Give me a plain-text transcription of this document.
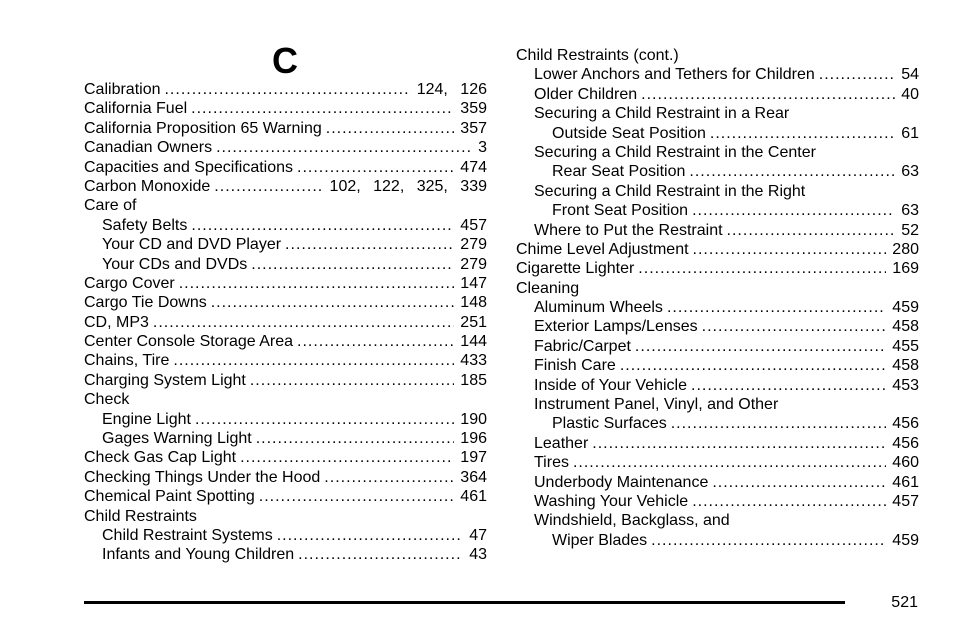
C
Calibration .....	124, 126
California Fuel .....	359
California Proposition 65 Warning .....	357
Canadian Owners .....	3
Capacities and Specifications .....	474
Carbon Monoxide .....	102, 122, 325, 339
Care of
Safety Belts .....	457
Your CD and DVD Player .....	279
Your CDs and DVDs .....	279
Cargo Cover .....	147
Cargo Tie Downs .....	148
CD, MP3 .....	251
Center Console Storage Area .....	144
Chains, Tire .....	433
Charging System Light .....	185
Check
Engine Light .....	190
Gages Warning Light .....	196
Check Gas Cap Light .....	197
Checking Things Under the Hood .....	364
Chemical Paint Spotting .....	461
Child Restraints
Child Restraint Systems .....	47
Infants and Young Children .....	43
Child Restraints (cont.)
Lower Anchors and Tethers for Children .....	54
Older Children .....	40
Securing a Child Restraint in a Rear
Outside Seat Position .....	61
Securing a Child Restraint in the Center
Rear Seat Position .....	63
Securing a Child Restraint in the Right
Front Seat Position .....	63
Where to Put the Restraint .....	52
Chime Level Adjustment .....	280
Cigarette Lighter .....	169
Cleaning
Aluminum Wheels .....	459
Exterior Lamps/Lenses .....	458
Fabric/Carpet .....	455
Finish Care .....	458
Inside of Your Vehicle .....	453
Instrument Panel, Vinyl, and Other
Plastic Surfaces .....	456
Leather .....	456
Tires .....	460
Underbody Maintenance .....	461
Washing Your Vehicle .....	457
Windshield, Backglass, and
Wiper Blades .....	459
521
